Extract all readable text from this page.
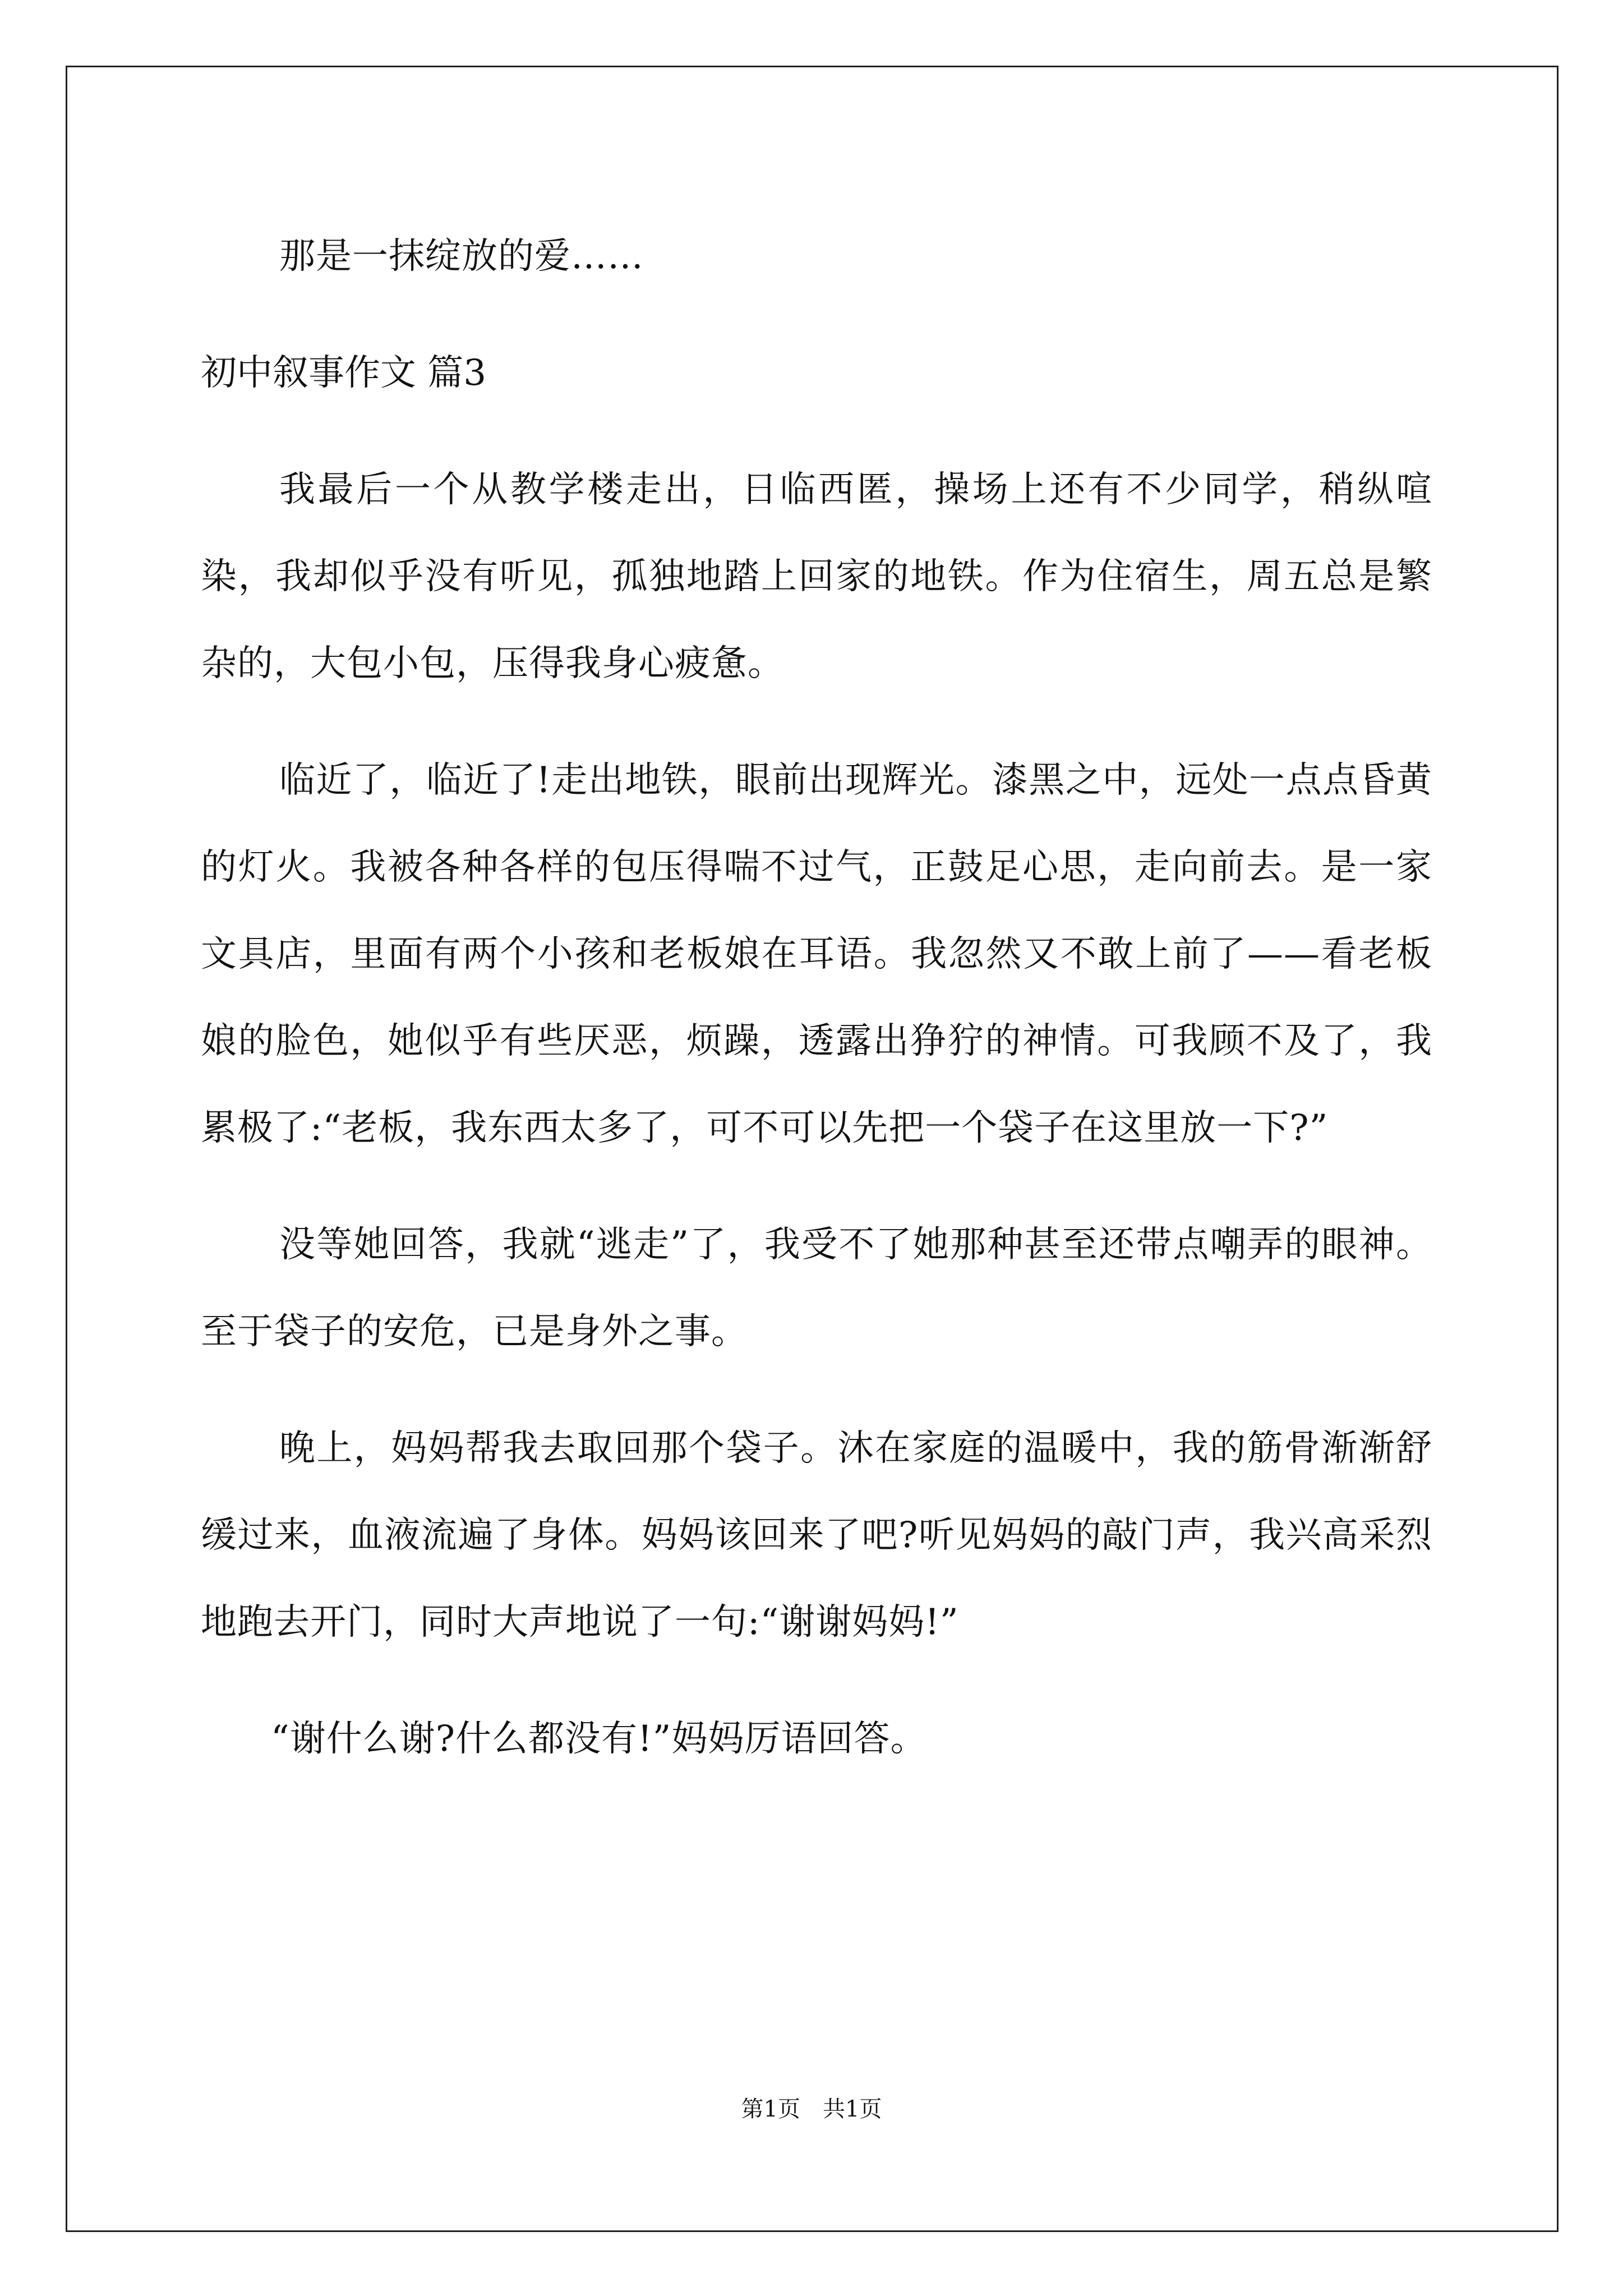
那是一抹绽放的爱……

初中叙事作文 篇3

我最后一个从教学楼走出，日临西匿，操场上还有不少同学，稍纵喧染，我却似乎没有听见，孤独地踏上回家的地铁。作为住宿生，周五总是繁杂的，大包小包，压得我身心疲惫。

临近了，临近了!走出地铁，眼前出现辉光。漆黑之中，远处一点点昏黄的灯火。我被各种各样的包压得喘不过气，正鼓足心思，走向前去。是一家文具店，里面有两个小孩和老板娘在耳语。我忽然又不敢上前了——看老板娘的脸色，她似乎有些厌恶，烦躁，透露出狰狞的神情。可我顾不及了，我累极了:“老板，我东西太多了，可不可以先把一个袋子在这里放一下?”

没等她回答，我就“逃走”了，我受不了她那种甚至还带点嘲弄的眼神。至于袋子的安危，已是身外之事。

晚上，妈妈帮我去取回那个袋子。沐在家庭的温暖中，我的筋骨渐渐舒缓过来，血液流遍了身体。妈妈该回来了吧?听见妈妈的敲门声，我兴高采烈地跑去开门，同时大声地说了一句:“谢谢妈妈!”

“谢什么谢?什么都没有!”妈妈厉语回答。

第1页　共1页
